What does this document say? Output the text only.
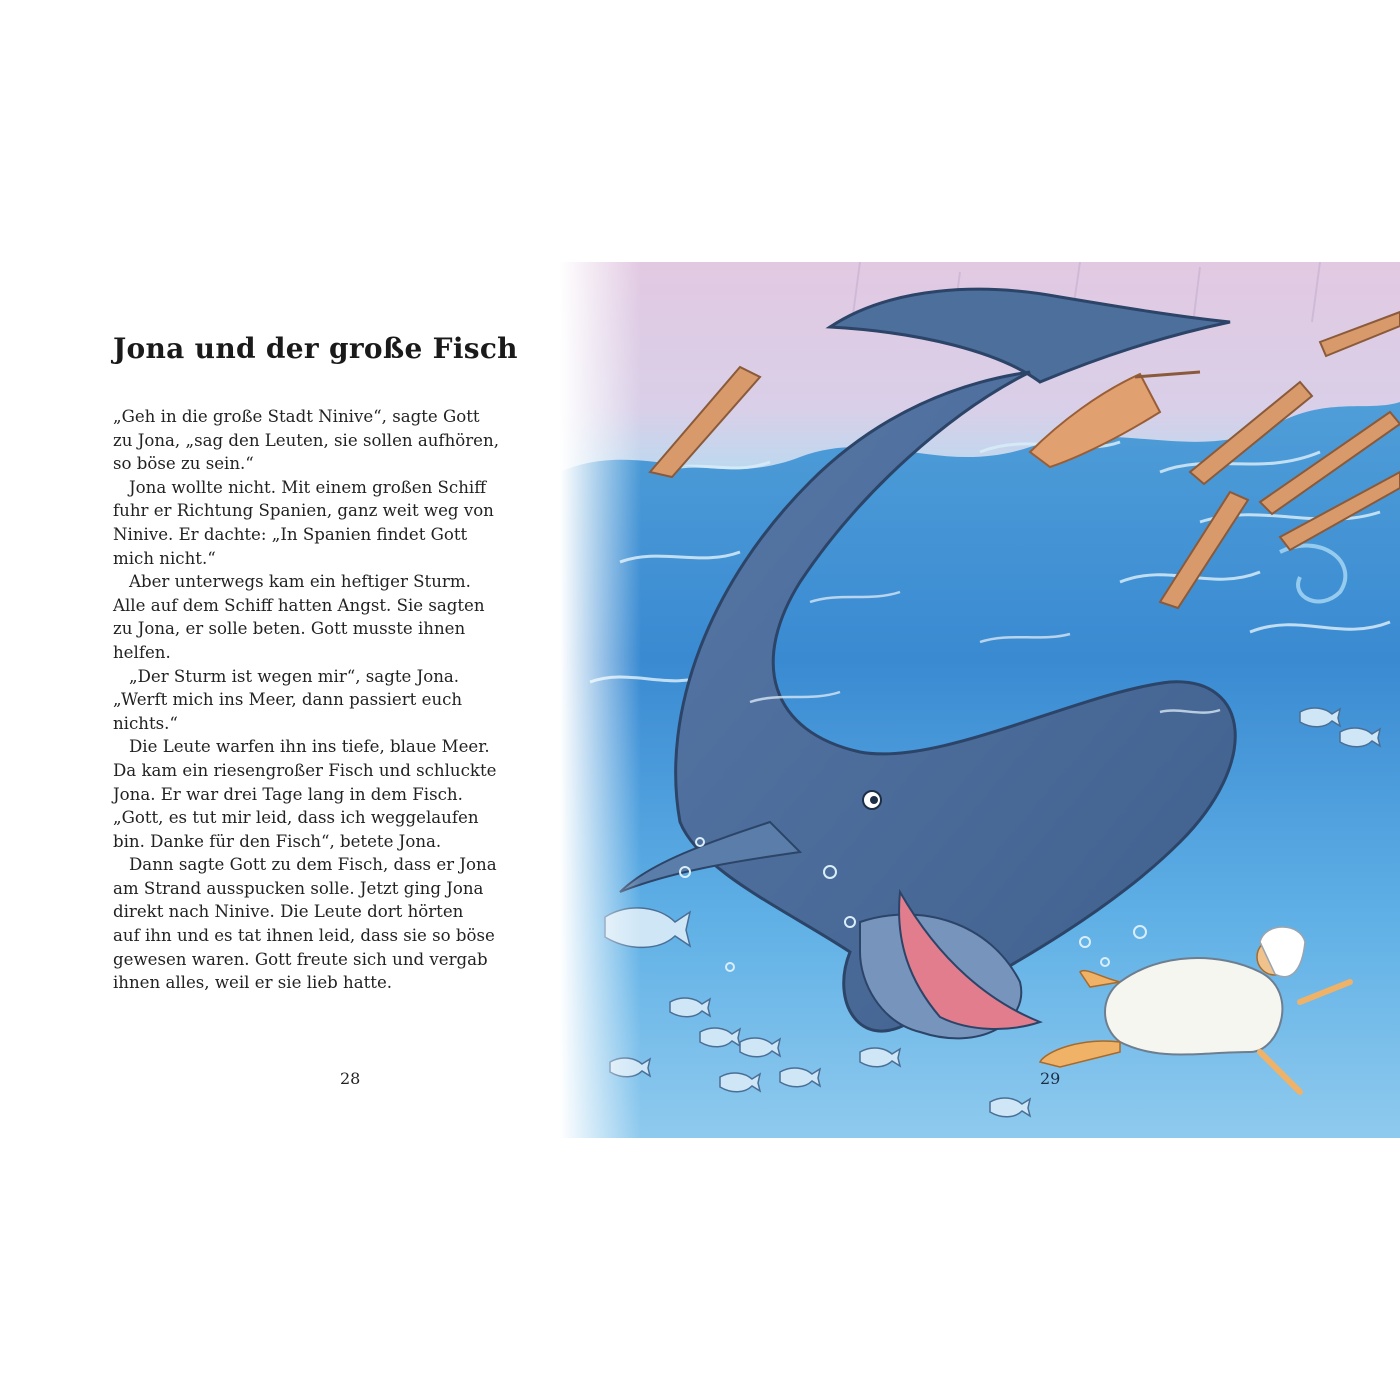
Jona und der große Fisch

„Geh in die große Stadt Ninive“, sagte Gott

zu Jona, „sag den Leuten, sie sollen aufhören,

so böse zu sein.“

Jona wollte nicht. Mit einem großen Schiff

fuhr er Richtung Spanien, ganz weit weg von

Ninive. Er dachte: „In Spanien findet Gott

mich nicht.“

Aber unterwegs kam ein heftiger Sturm.

Alle auf dem Schiff hatten Angst. Sie sagten

zu Jona, er solle beten. Gott musste ihnen

helfen.

„Der Sturm ist wegen mir“, sagte Jona.

„Werft mich ins Meer, dann passiert euch

nichts.“

Die Leute warfen ihn ins tiefe, blaue Meer.

Da kam ein riesengroßer Fisch und schluckte

Jona. Er war drei Tage lang in dem Fisch.

„Gott, es tut mir leid, dass ich weggelaufen

bin. Danke für den Fisch“, betete Jona.

Dann sagte Gott zu dem Fisch, dass er Jona

am Strand ausspucken solle. Jetzt ging Jona

direkt nach Ninive. Die Leute dort hörten

auf ihn und es tat ihnen leid, dass sie so böse

gewesen waren. Gott freute sich und vergab

ihnen alles, weil er sie lieb hatte.

28	29
